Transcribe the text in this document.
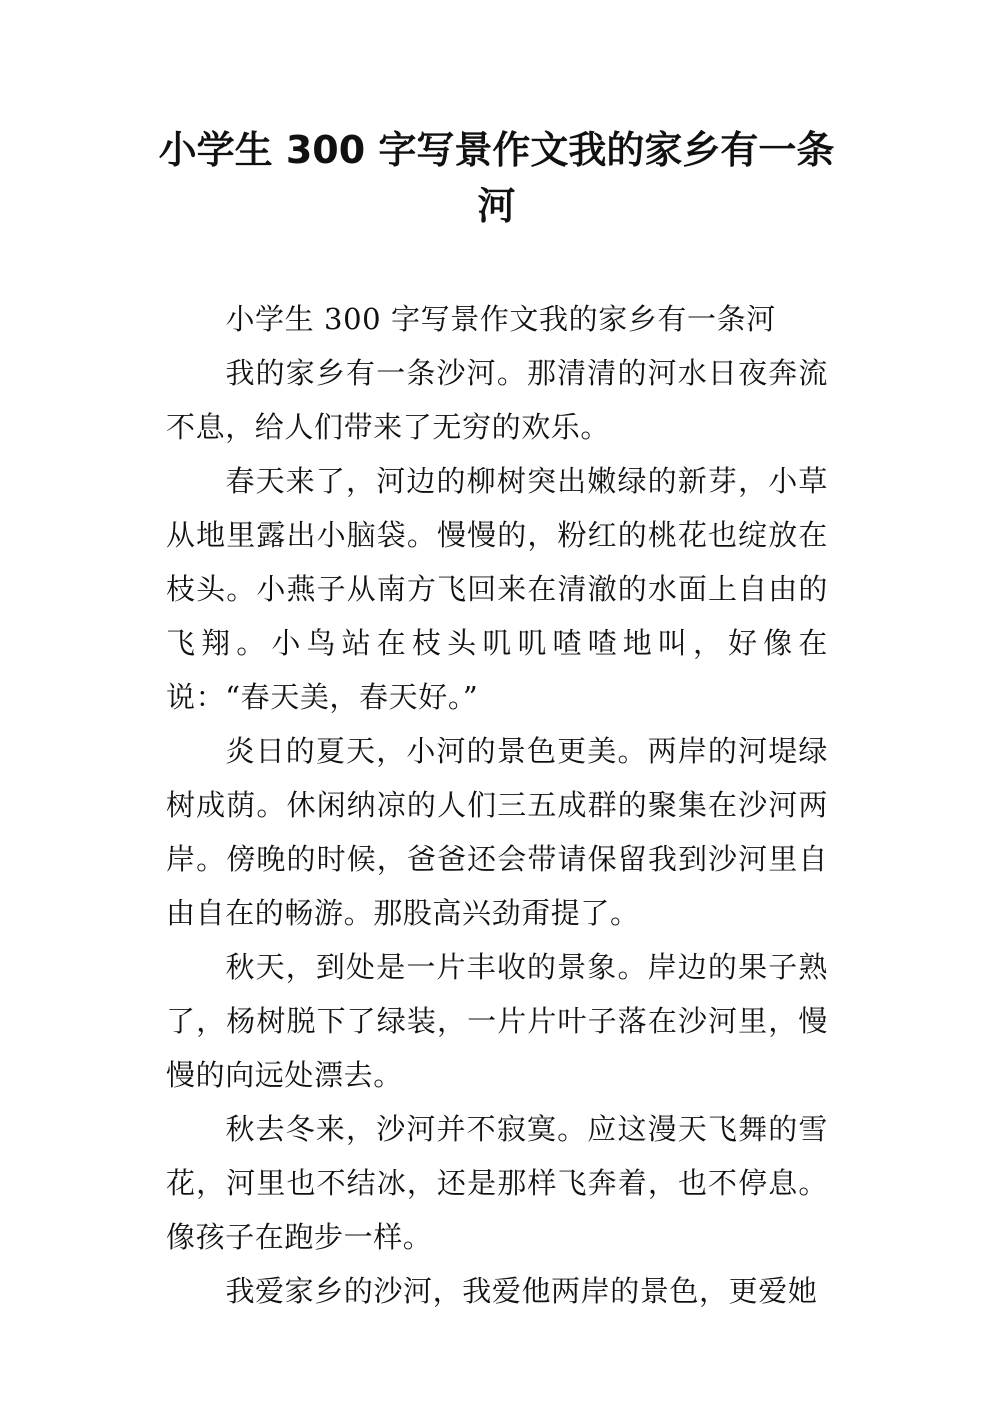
小学生 300 字写景作文我的家乡有一条河

小学生 300 字写景作文我的家乡有一条河

我的家乡有一条沙河。那清清的河水日夜奔流不息，给人们带来了无穷的欢乐。

春天来了，河边的柳树突出嫩绿的新芽，小草从地里露出小脑袋。慢慢的，粉红的桃花也绽放在枝头。小燕子从南方飞回来在清澈的水面上自由的飞翔。小鸟站在枝头叽叽喳喳地叫，好像在说：“春天美，春天好。”

炎日的夏天，小河的景色更美。两岸的河堤绿树成荫。休闲纳凉的人们三五成群的聚集在沙河两岸。傍晚的时候，爸爸还会带请保留我到沙河里自由自在的畅游。那股高兴劲甭提了。

秋天，到处是一片丰收的景象。岸边的果子熟了，杨树脱下了绿装，一片片叶子落在沙河里，慢慢的向远处漂去。

秋去冬来，沙河并不寂寞。应这漫天飞舞的雪花，河里也不结冰，还是那样飞奔着，也不停息。像孩子在跑步一样。

我爱家乡的沙河，我爱他两岸的景色，更爱她
